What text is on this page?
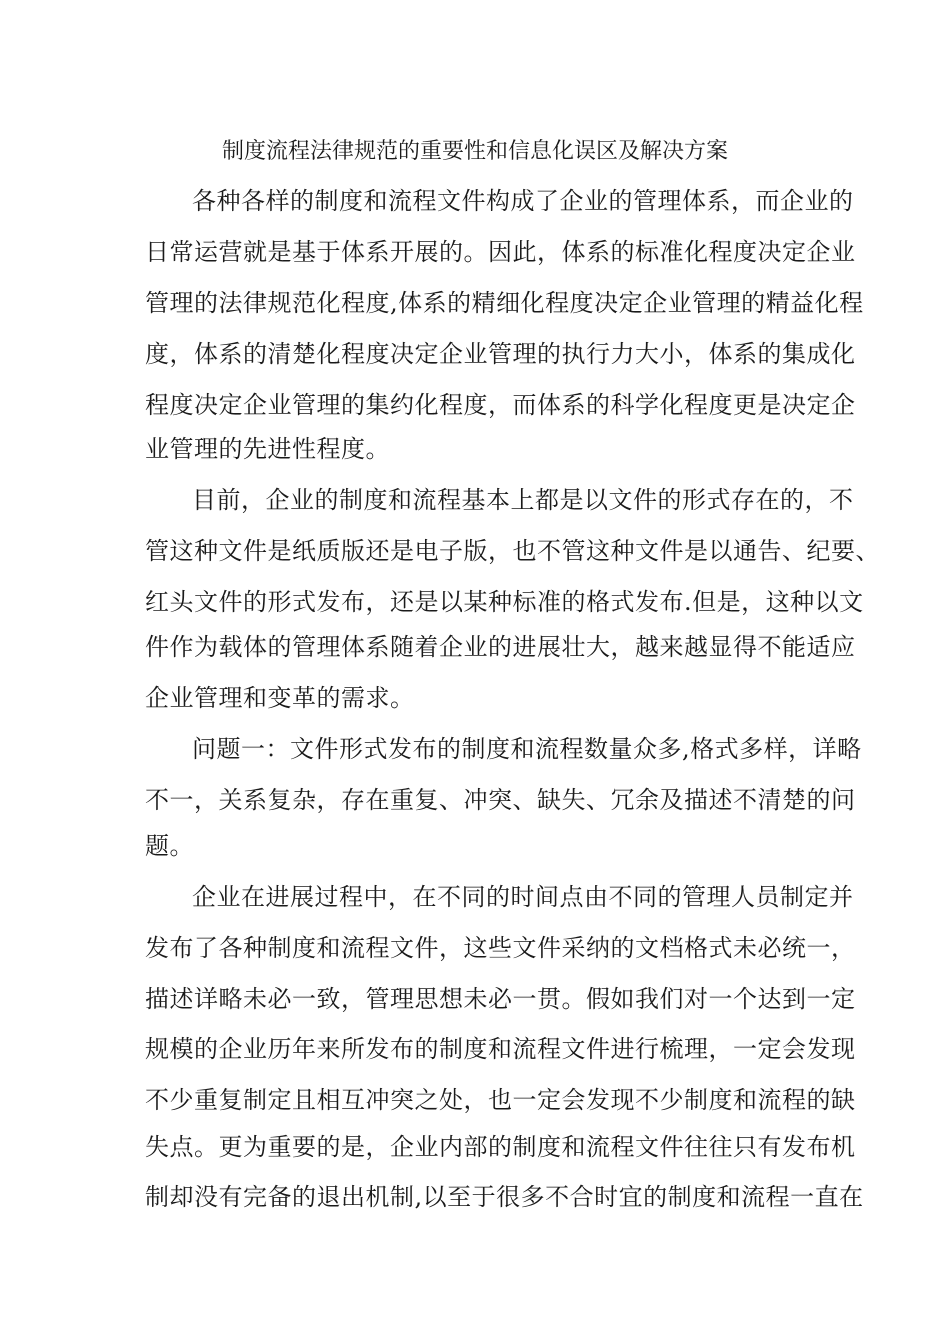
制度流程法律规范的重要性和信息化误区及解决方案
各种各样的制度和流程文件构成了企业的管理体系，而企业的
日常运营就是基于体系开展的。因此，体系的标准化程度决定企业
管理的法律规范化程度,体系的精细化程度决定企业管理的精益化程
度，体系的清楚化程度决定企业管理的执行力大小，体系的集成化
程度决定企业管理的集约化程度，而体系的科学化程度更是决定企
业管理的先进性程度。
目前，企业的制度和流程基本上都是以文件的形式存在的，不
管这种文件是纸质版还是电子版，也不管这种文件是以通告、纪要、
红头文件的形式发布，还是以某种标准的格式发布.但是，这种以文
件作为载体的管理体系随着企业的进展壮大，越来越显得不能适应
企业管理和变革的需求。
问题一：文件形式发布的制度和流程数量众多,格式多样，详略
不一，关系复杂，存在重复、冲突、缺失、冗余及描述不清楚的问
题。
企业在进展过程中，在不同的时间点由不同的管理人员制定并
发布了各种制度和流程文件，这些文件采纳的文档格式未必统一，
描述详略未必一致，管理思想未必一贯。假如我们对一个达到一定
规模的企业历年来所发布的制度和流程文件进行梳理，一定会发现
不少重复制定且相互冲突之处，也一定会发现不少制度和流程的缺
失点。更为重要的是，企业内部的制度和流程文件往往只有发布机
制却没有完备的退出机制,以至于很多不合时宜的制度和流程一直在
